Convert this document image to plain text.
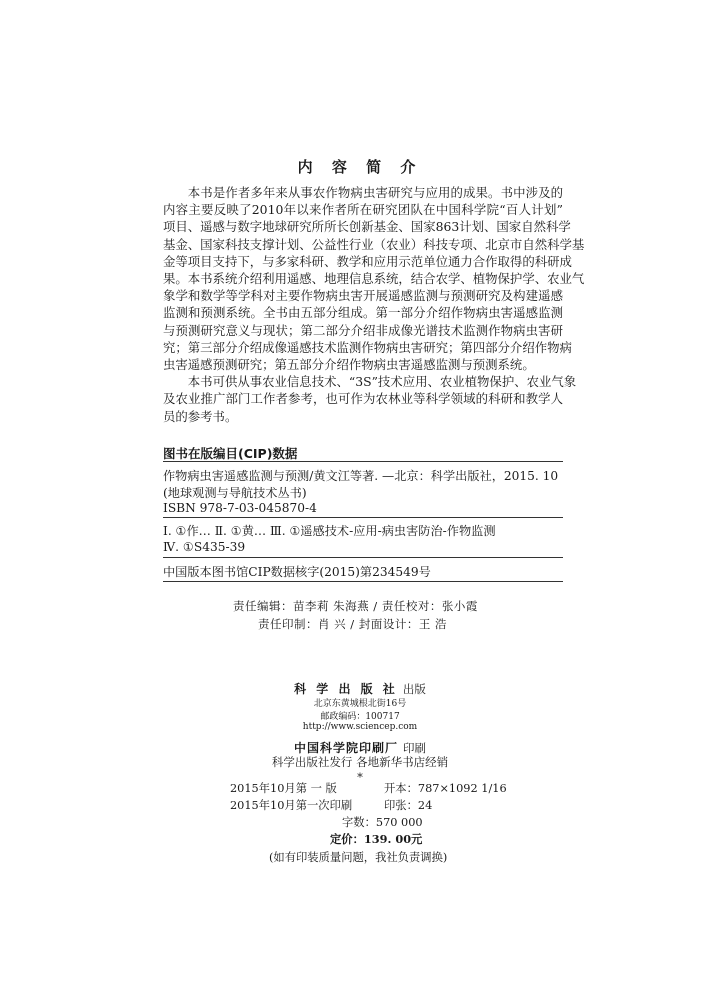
内 容 简 介
本书是作者多年来从事农作物病虫害研究与应用的成果。书中涉及的
内容主要反映了2010年以来作者所在研究团队在中国科学院“百人计划”
项目、遥感与数字地球研究所所长创新基金、国家863计划、国家自然科学
基金、国家科技支撑计划、公益性行业（农业）科技专项、北京市自然科学基
金等项目支持下，与多家科研、教学和应用示范单位通力合作取得的科研成
果。本书系统介绍利用遥感、地理信息系统，结合农学、植物保护学、农业气
象学和数学等学科对主要作物病虫害开展遥感监测与预测研究及构建遥感
监测和预测系统。全书由五部分组成。第一部分介绍作物病虫害遥感监测
与预测研究意义与现状；第二部分介绍非成像光谱技术监测作物病虫害研
究；第三部分介绍成像遥感技术监测作物病虫害研究；第四部分介绍作物病
虫害遥感预测研究；第五部分介绍作物病虫害遥感监测与预测系统。
本书可供从事农业信息技术、“3S”技术应用、农业植物保护、农业气象
及农业推广部门工作者参考，也可作为农林业等科学领域的科研和教学人
员的参考书。
图书在版编目(CIP)数据
作物病虫害遥感监测与预测/黄文江等著. —北京：科学出版社，2015. 10
(地球观测与导航技术丛书)
ISBN 978-7-03-045870-4
Ⅰ. ①作… Ⅱ. ①黄… Ⅲ. ①遥感技术-应用-病虫害防治-作物监测
Ⅳ. ①S435-39
中国版本图书馆CIP数据核字(2015)第234549号
责任编辑：苗李莉 朱海燕 / 责任校对：张小霞
责任印制：肖 兴 / 封面设计：王 浩
科 学 出 版 社 出版
北京东黄城根北街16号
邮政编码：100717
http://www.sciencep.com
中国科学院印刷厂 印刷
科学出版社发行 各地新华书店经销
*
2015年10月第 一 版	开本：787×1092 1/16
2015年10月第一次印刷	印张：24
字数：570 000
定价：139. 00元
(如有印装质量问题，我社负责调换)
